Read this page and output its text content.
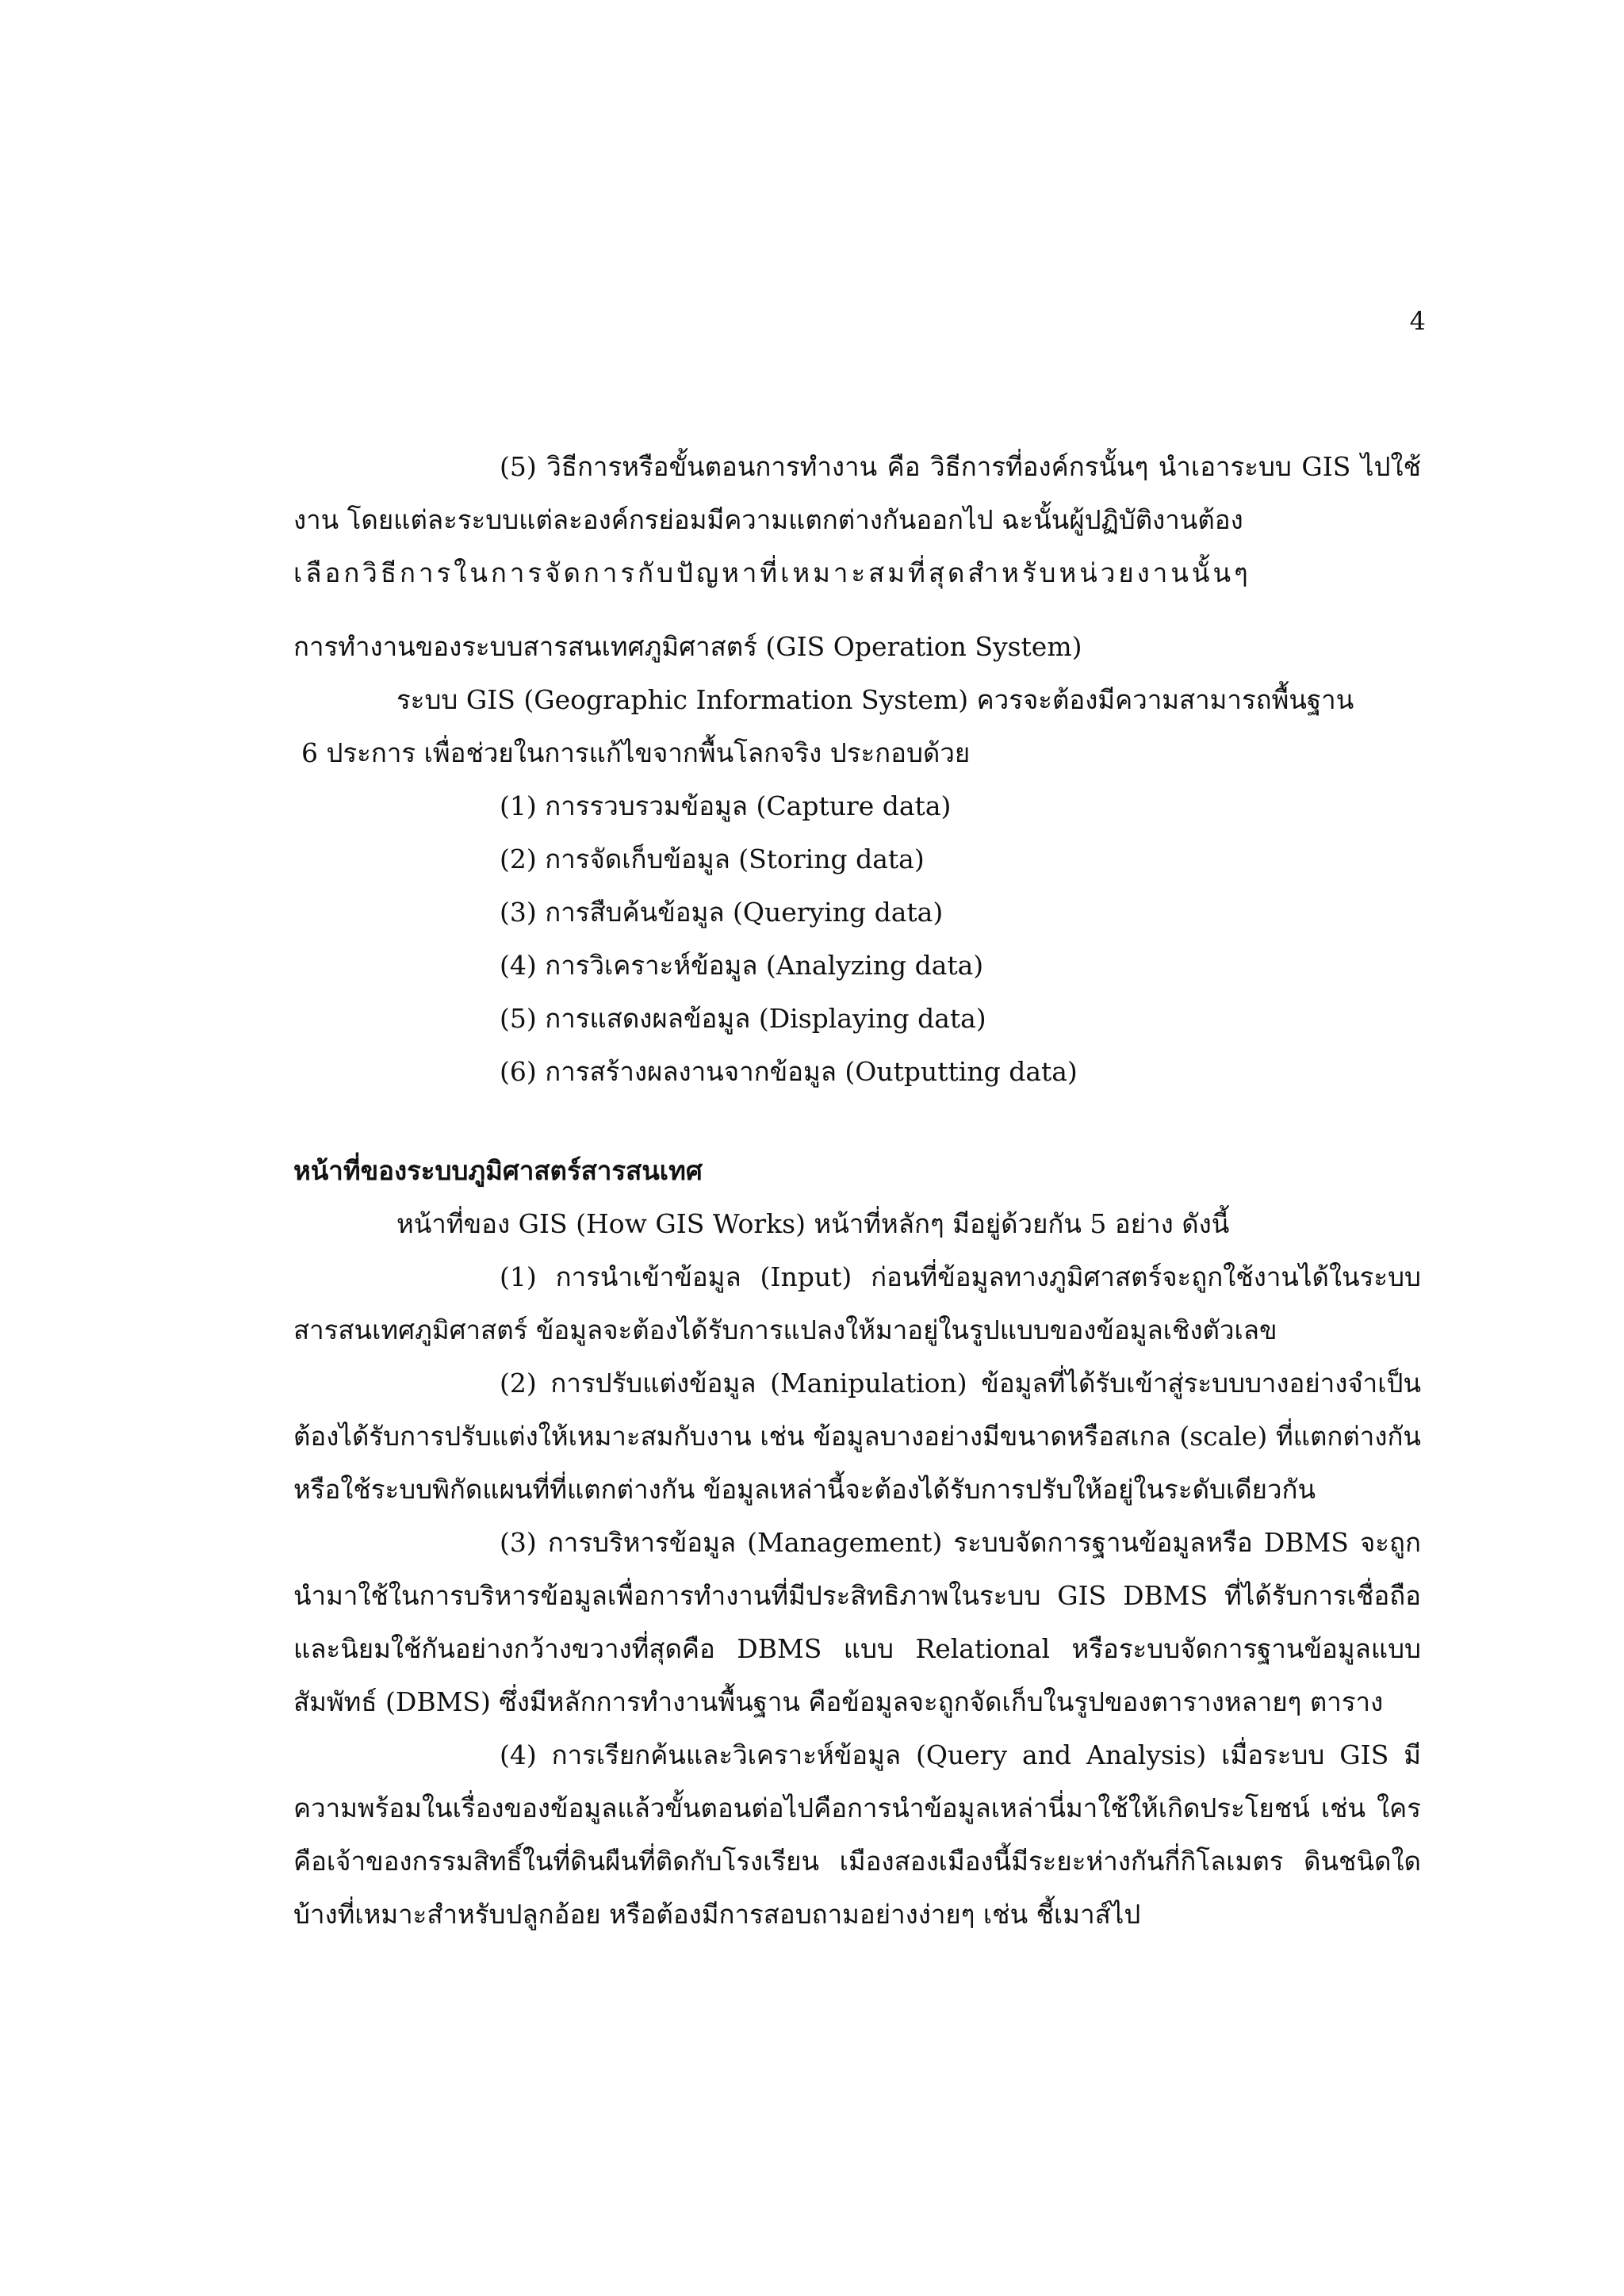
4

(5) วิธีการหรือขั้นตอนการทำงาน คือ วิธีการที่องค์กรนั้นๆ นำเอาระบบ GIS ไปใช้งาน โดยแต่ละระบบแต่ละองค์กรย่อมมีความแตกต่างกันออกไป ฉะนั้นผู้ปฏิบัติงานต้อง

เลือกวิธีการในการจัดการกับปัญหาที่เหมาะสมที่สุดสำหรับหน่วยงานนั้นๆ

การทำงานของระบบสารสนเทศภูมิศาสตร์ (GIS Operation System)

ระบบ GIS (Geographic Information System) ควรจะต้องมีความสามารถพื้นฐาน

6 ประการ เพื่อช่วยในการแก้ไขจากพื้นโลกจริง ประกอบด้วย

(1) การรวบรวมข้อมูล (Capture data)
(2) การจัดเก็บข้อมูล (Storing data)
(3) การสืบค้นข้อมูล (Querying data)
(4) การวิเคราะห์ข้อมูล (Analyzing data)
(5) การแสดงผลข้อมูล (Displaying data)
(6) การสร้างผลงานจากข้อมูล (Outputting data)

หน้าที่ของระบบภูมิศาสตร์สารสนเทศ

หน้าที่ของ GIS (How GIS Works) หน้าที่หลักๆ มีอยู่ด้วยกัน 5 อย่าง ดังนี้

(1) การนำเข้าข้อมูล (Input) ก่อนที่ข้อมูลทางภูมิศาสตร์จะถูกใช้งานได้ในระบบสารสนเทศภูมิศาสตร์ ข้อมูลจะต้องได้รับการแปลงให้มาอยู่ในรูปแบบของข้อมูลเชิงตัวเลข

(2) การปรับแต่งข้อมูล (Manipulation) ข้อมูลที่ได้รับเข้าสู่ระบบบางอย่างจำเป็นต้องได้รับการปรับแต่งให้เหมาะสมกับงาน เช่น ข้อมูลบางอย่างมีขนาดหรือสเกล (scale) ที่แตกต่างกันหรือใช้ระบบพิกัดแผนที่ที่แตกต่างกัน ข้อมูลเหล่านี้จะต้องได้รับการปรับให้อยู่ในระดับเดียวกัน

(3) การบริหารข้อมูล (Management) ระบบจัดการฐานข้อมูลหรือ DBMS จะถูกนำมาใช้ในการบริหารข้อมูลเพื่อการทำงานที่มีประสิทธิภาพในระบบ GIS DBMS ที่ได้รับการเชื่อถือและนิยมใช้กันอย่างกว้างขวางที่สุดคือ DBMS แบบ Relational หรือระบบจัดการฐานข้อมูลแบบสัมพัทธ์ (DBMS) ซึ่งมีหลักการทำงานพื้นฐาน คือข้อมูลจะถูกจัดเก็บในรูปของตารางหลายๆ ตาราง

(4) การเรียกค้นและวิเคราะห์ข้อมูล (Query and Analysis) เมื่อระบบ GIS มีความพร้อมในเรื่องของข้อมูลแล้วขั้นตอนต่อไปคือการนำข้อมูลเหล่านี่มาใช้ให้เกิดประโยชน์ เช่น ใครคือเจ้าของกรรมสิทธิ์ในที่ดินผืนที่ติดกับโรงเรียน เมืองสองเมืองนี้มีระยะห่างกันกี่กิโลเมตร ดินชนิดใดบ้างที่เหมาะสำหรับปลูกอ้อย หรือต้องมีการสอบถามอย่างง่ายๆ เช่น ชี้เมาส์ไป
